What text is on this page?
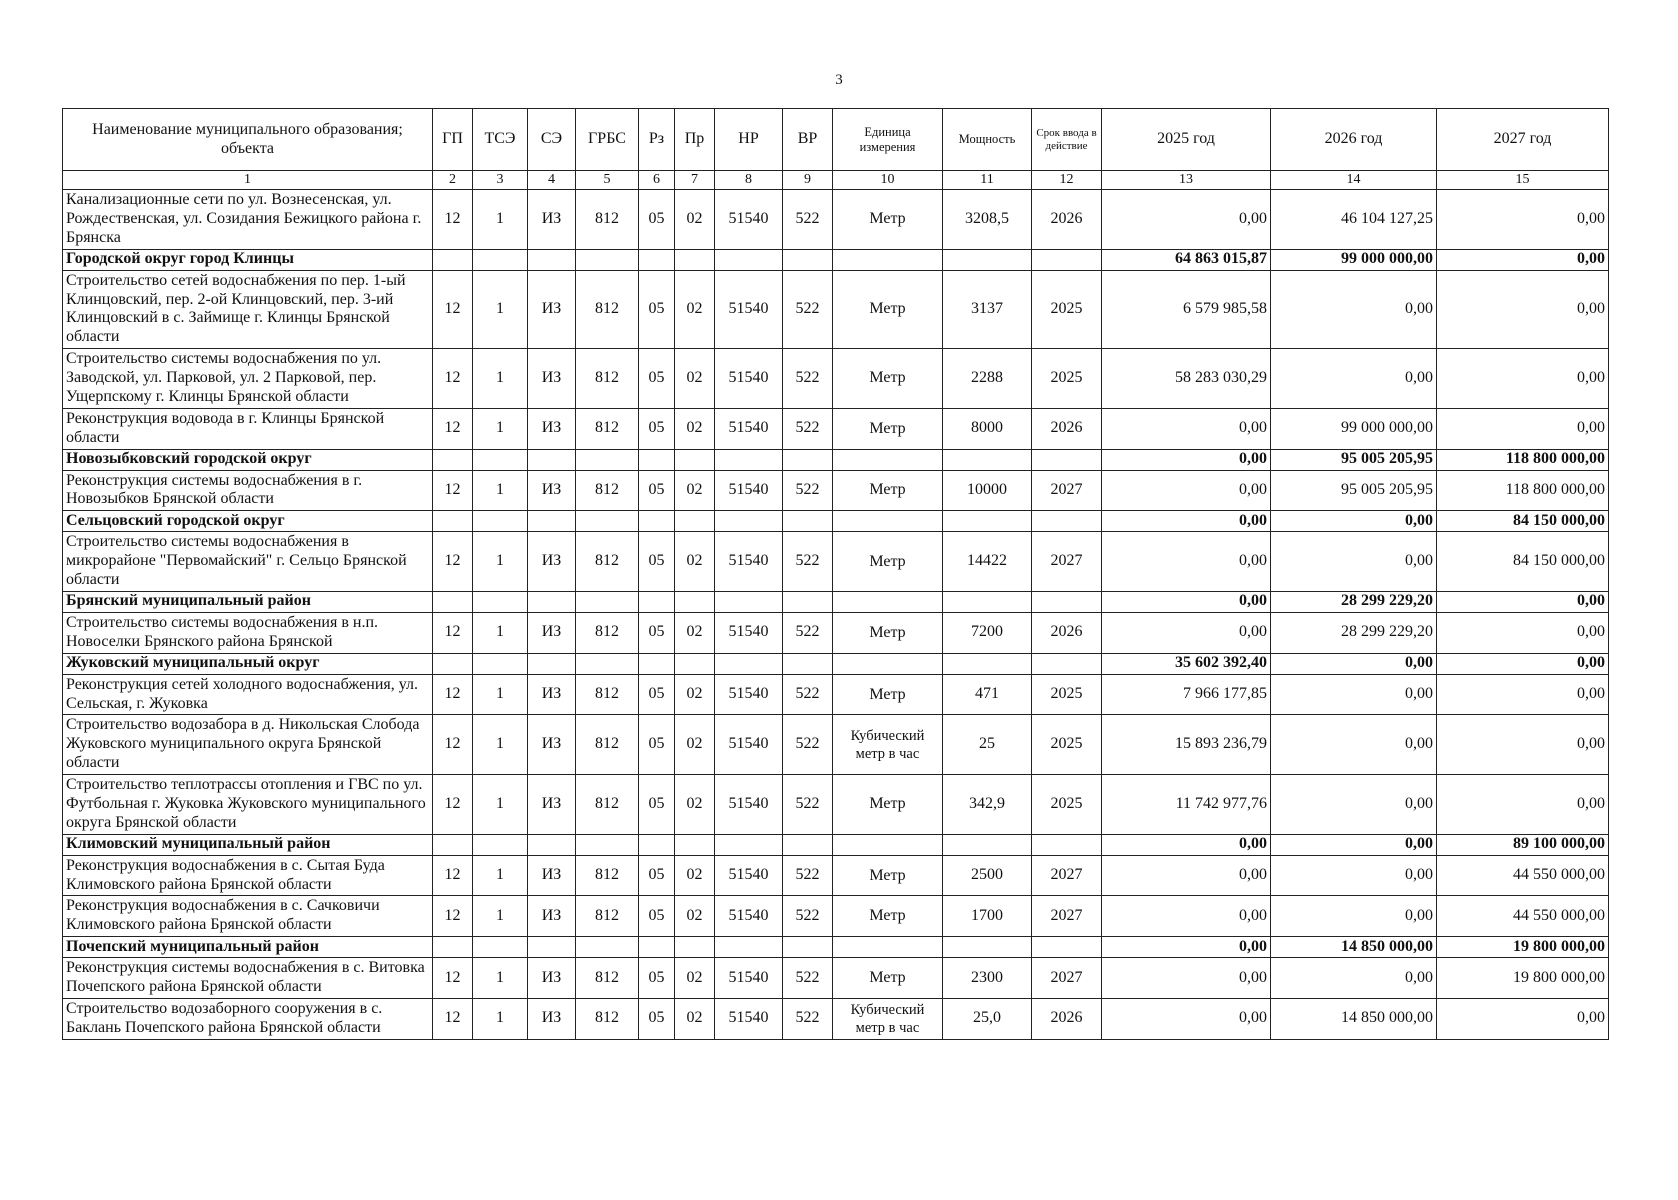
3
Наименование муниципального образования; объекта	ГП	ТСЭ	СЭ	ГРБС	Рз	Пр	НР	ВР	Единица измерения	Мощность	Срок ввода в действие	2025 год	2026 год	2027 год
1	2	3	4	5	6	7	8	9	10	11	12	13	14	15
Канализационные сети по ул. Вознесенская, ул. Рождественская, ул. Созидания Бежицкого района г. Брянска	12	1	ИЗ	812	05	02	51540	522	Метр	3208,5	2026	0,00	46 104 127,25	0,00
Городской округ город Клинцы												64 863 015,87	99 000 000,00	0,00
Строительство сетей водоснабжения по пер. 1-ый Клинцовский, пер. 2-ой Клинцовский, пер. 3-ий Клинцовский в с. Займище г. Клинцы Брянской области	12	1	ИЗ	812	05	02	51540	522	Метр	3137	2025	6 579 985,58	0,00	0,00
Строительство системы водоснабжения по ул. Заводской, ул. Парковой, ул. 2 Парковой, пер. Ущерпскому г. Клинцы Брянской области	12	1	ИЗ	812	05	02	51540	522	Метр	2288	2025	58 283 030,29	0,00	0,00
Реконструкция водовода в г. Клинцы Брянской области	12	1	ИЗ	812	05	02	51540	522	Метр	8000	2026	0,00	99 000 000,00	0,00
Новозыбковский городской округ												0,00	95 005 205,95	118 800 000,00
Реконструкция системы водоснабжения в г. Новозыбков Брянской области	12	1	ИЗ	812	05	02	51540	522	Метр	10000	2027	0,00	95 005 205,95	118 800 000,00
Сельцовский городской округ												0,00	0,00	84 150 000,00
Строительство системы водоснабжения в микрорайоне "Первомайский" г. Сельцо Брянской области	12	1	ИЗ	812	05	02	51540	522	Метр	14422	2027	0,00	0,00	84 150 000,00
Брянский муниципальный район												0,00	28 299 229,20	0,00
Строительство системы водоснабжения в н.п. Новоселки Брянского района Брянской	12	1	ИЗ	812	05	02	51540	522	Метр	7200	2026	0,00	28 299 229,20	0,00
Жуковский муниципальный округ												35 602 392,40	0,00	0,00
Реконструкция сетей холодного водоснабжения, ул. Сельская, г. Жуковка	12	1	ИЗ	812	05	02	51540	522	Метр	471	2025	7 966 177,85	0,00	0,00
Строительство водозабора в д. Никольская Слобода Жуковского муниципального округа Брянской области	12	1	ИЗ	812	05	02	51540	522	Кубический метр в час	25	2025	15 893 236,79	0,00	0,00
Строительство теплотрассы отопления и ГВС по ул. Футбольная г. Жуковка Жуковского муниципального округа Брянской области	12	1	ИЗ	812	05	02	51540	522	Метр	342,9	2025	11 742 977,76	0,00	0,00
Климовский муниципальный район												0,00	0,00	89 100 000,00
Реконструкция водоснабжения в с. Сытая Буда Климовского района Брянской области	12	1	ИЗ	812	05	02	51540	522	Метр	2500	2027	0,00	0,00	44 550 000,00
Реконструкция водоснабжения в с. Сачковичи Климовского района Брянской области	12	1	ИЗ	812	05	02	51540	522	Метр	1700	2027	0,00	0,00	44 550 000,00
Почепский муниципальный район												0,00	14 850 000,00	19 800 000,00
Реконструкция системы водоснабжения в с. Витовка Почепского района Брянской области	12	1	ИЗ	812	05	02	51540	522	Метр	2300	2027	0,00	0,00	19 800 000,00
Строительство водозаборного сооружения в с. Баклань Почепского района Брянской области	12	1	ИЗ	812	05	02	51540	522	Кубический метр в час	25,0	2026	0,00	14 850 000,00	0,00
